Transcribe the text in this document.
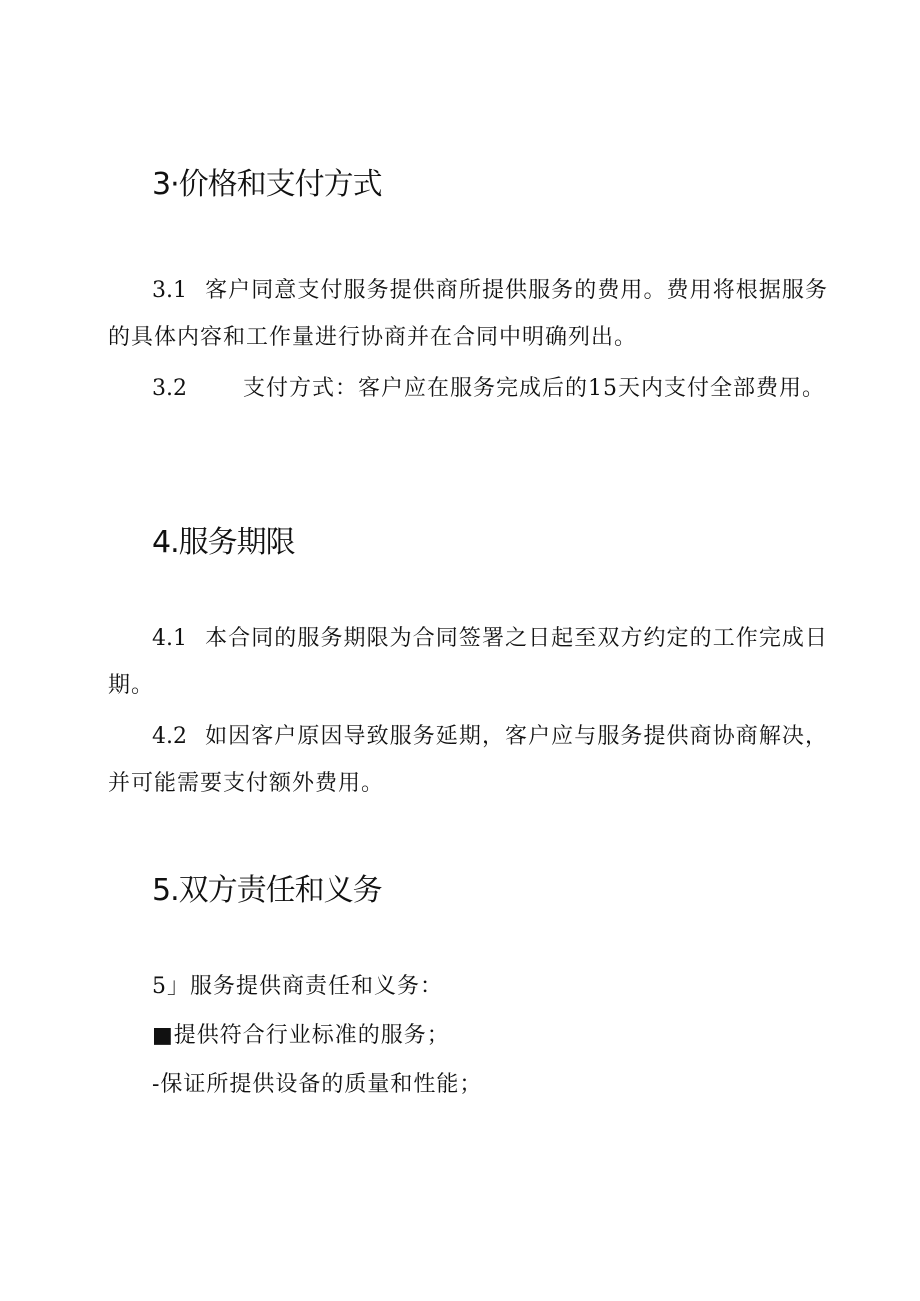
3·价格和支付方式

3.1 客户同意支付服务提供商所提供服务的费用。费用将根据服务的具体内容和工作量进行协商并在合同中明确列出。

3.2	支付方式：客户应在服务完成后的15天内支付全部费用。

4.服务期限

4.1 本合同的服务期限为合同签署之日起至双方约定的工作完成日期。

4.2 如因客户原因导致服务延期，客户应与服务提供商协商解决，并可能需要支付额外费用。

5.双方责任和义务

5」服务提供商责任和义务：

■提供符合行业标准的服务；

-保证所提供设备的质量和性能；
